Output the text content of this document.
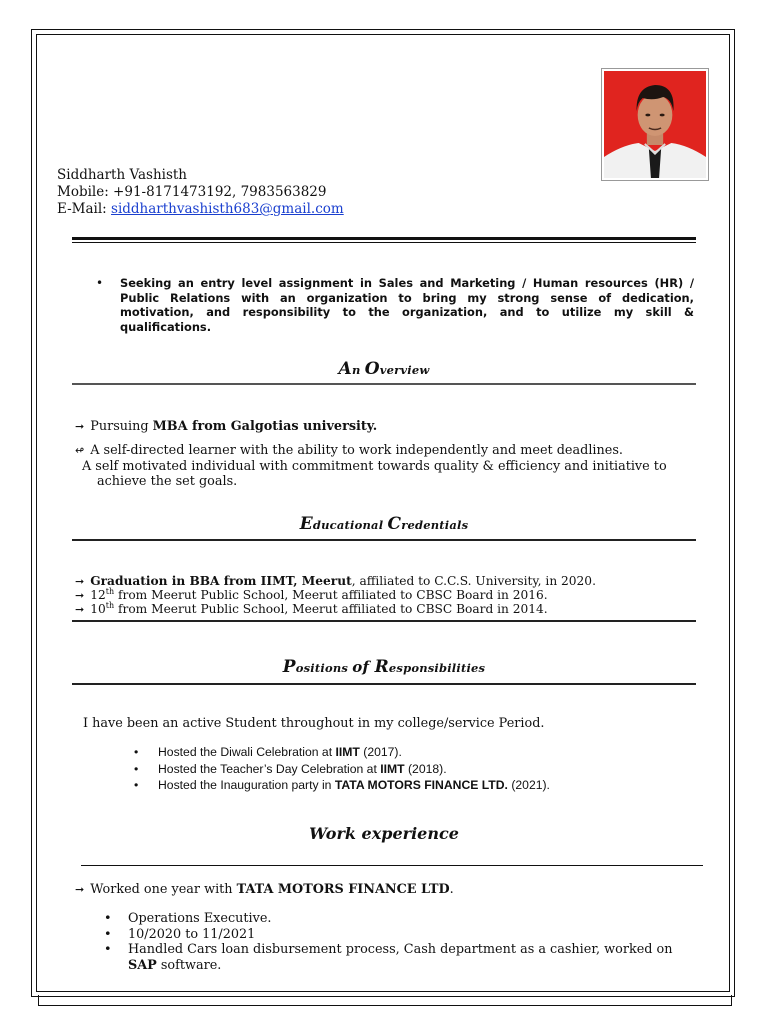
Siddharth Vashisth
Mobile: +91-8171473192, 7983563829
E-Mail: siddharthvashisth683@gmail.com
• Seeking an entry level assignment in Sales and Marketing / Human resources (HR) / Public Relations with an organization to bring my strong sense of dedication, motivation, and responsibility to the organization, and to utilize my skill & qualifications.
An Overview
➞ Pursuing MBA from Galgotias university.
↫ A self-directed learner with the ability to work independently and meet deadlines.
A self motivated individual with commitment towards quality & efficiency and initiative to
achieve the set goals.
Educational Credentials
➞ Graduation in BBA from IIMT, Meerut, affiliated to C.C.S. University, in 2020.
➞ 12th from Meerut Public School, Meerut affiliated to CBSC Board in 2016.
➞ 10th from Meerut Public School, Meerut affiliated to CBSC Board in 2014.
Positions of Responsibilities
I have been an active Student throughout in my college/service Period.
• Hosted the Diwali Celebration at IIMT (2017).
• Hosted the Teacher’s Day Celebration at IIMT (2018).
• Hosted the Inauguration party in TATA MOTORS FINANCE LTD. (2021).
Work experience
➞ Worked one year with TATA MOTORS FINANCE LTD.
• Operations Executive.
• 10/2020 to 11/2021
• Handled Cars loan disbursement process, Cash department as a cashier, worked on SAP software.
